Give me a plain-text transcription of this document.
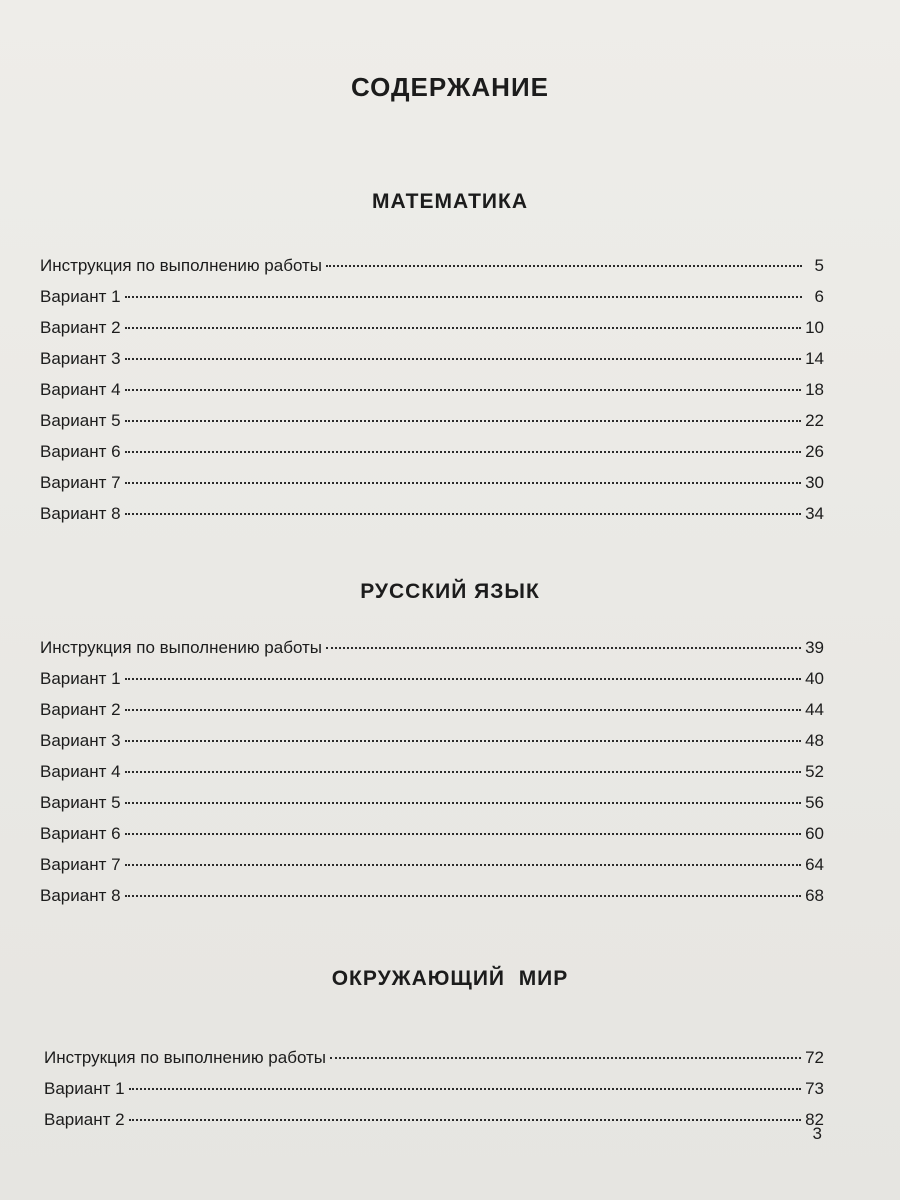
СОДЕРЖАНИЕ
МАТЕМАТИКА
Инструкция по выполнению работы	5
Вариант 1	6
Вариант 2	10
Вариант 3	14
Вариант 4	18
Вариант 5	22
Вариант 6	26
Вариант 7	30
Вариант 8	34
РУССКИЙ ЯЗЫК
Инструкция по выполнению работы	39
Вариант 1	40
Вариант 2	44
Вариант 3	48
Вариант 4	52
Вариант 5	56
Вариант 6	60
Вариант 7	64
Вариант 8	68
ОКРУЖАЮЩИЙ  МИР
Инструкция по выполнению работы	72
Вариант 1	73
Вариант 2	82
3
